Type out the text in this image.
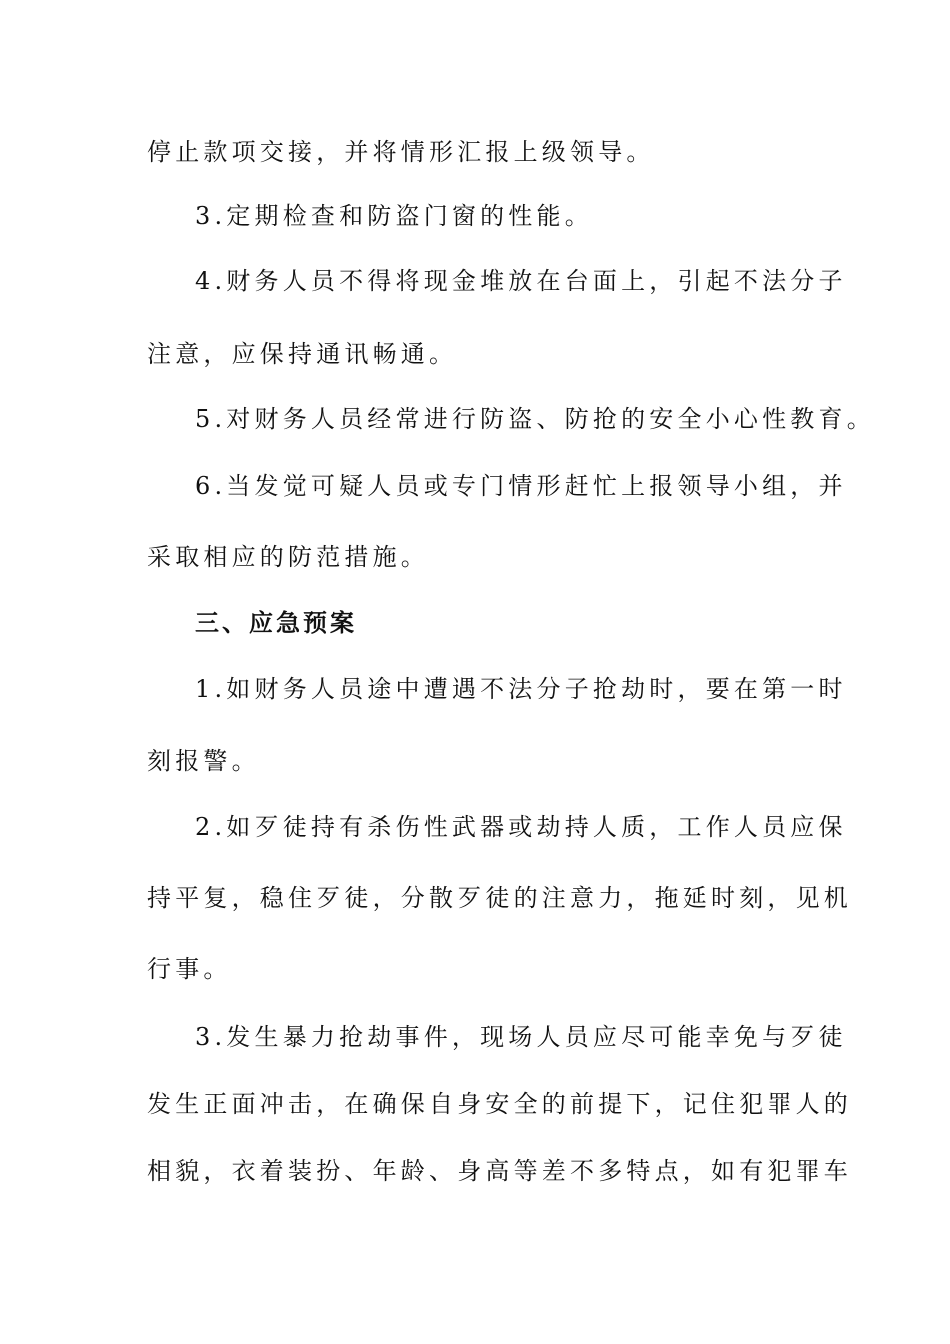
停止款项交接，并将情形汇报上级领导。
3.定期检查和防盗门窗的性能。
4.财务人员不得将现金堆放在台面上，引起不法分子
注意，应保持通讯畅通。
5.对财务人员经常进行防盗、防抢的安全小心性教育。
6.当发觉可疑人员或专门情形赶忙上报领导小组，并
采取相应的防范措施。
三、应急预案
1.如财务人员途中遭遇不法分子抢劫时，要在第一时
刻报警。
2.如歹徒持有杀伤性武器或劫持人质，工作人员应保
持平复，稳住歹徒，分散歹徒的注意力，拖延时刻，见机
行事。
3.发生暴力抢劫事件，现场人员应尽可能幸免与歹徒
发生正面冲击，在确保自身安全的前提下，记住犯罪人的
相貌，衣着装扮、年龄、身高等差不多特点，如有犯罪车
